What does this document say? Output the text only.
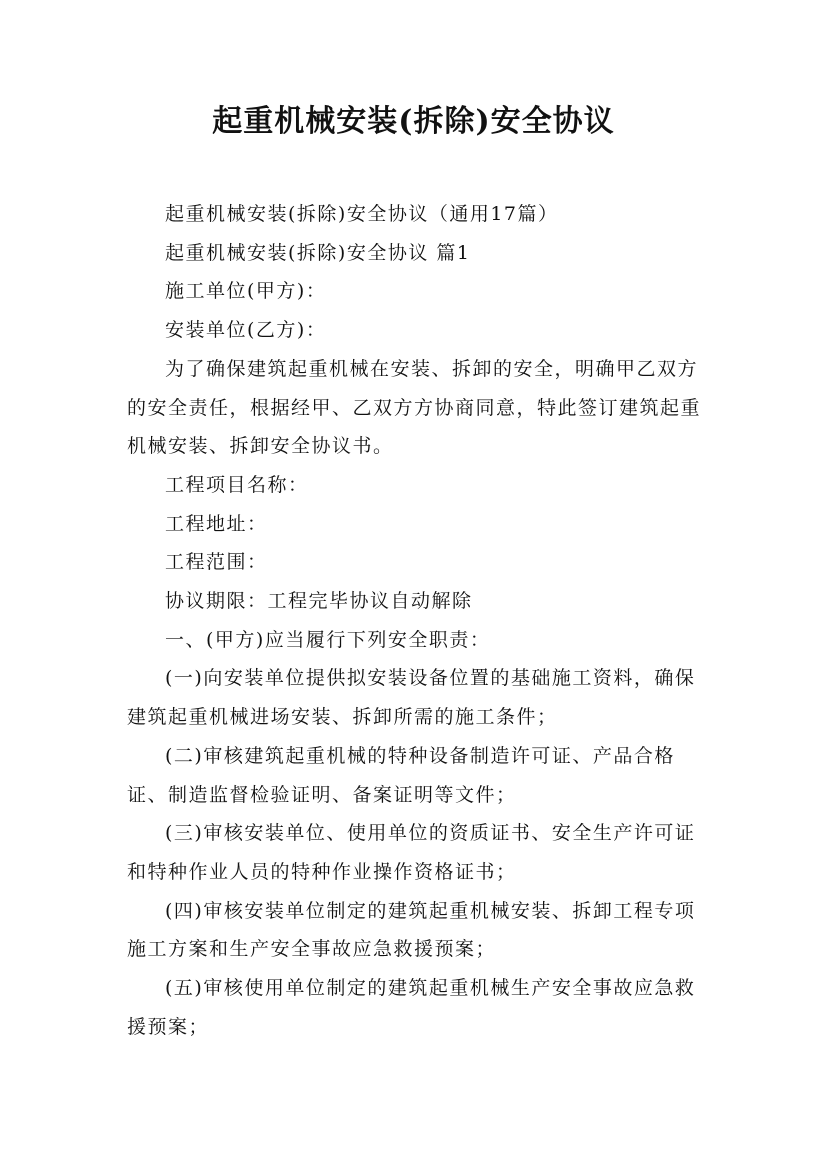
起重机械安装(拆除)安全协议

起重机械安装(拆除)安全协议（通用17篇）

起重机械安装(拆除)安全协议 篇1

施工单位(甲方)：

安装单位(乙方)：

为了确保建筑起重机械在安装、拆卸的安全，明确甲乙双方的安全责任，根据经甲、乙双方方协商同意，特此签订建筑起重机械安装、拆卸安全协议书。

工程项目名称：

工程地址：

工程范围：

协议期限：工程完毕协议自动解除

一、(甲方)应当履行下列安全职责：

(一)向安装单位提供拟安装设备位置的基础施工资料，确保建筑起重机械进场安装、拆卸所需的施工条件；

(二)审核建筑起重机械的特种设备制造许可证、产品合格证、制造监督检验证明、备案证明等文件；

(三)审核安装单位、使用单位的资质证书、安全生产许可证和特种作业人员的特种作业操作资格证书；

(四)审核安装单位制定的建筑起重机械安装、拆卸工程专项施工方案和生产安全事故应急救援预案；

(五)审核使用单位制定的建筑起重机械生产安全事故应急救援预案；
